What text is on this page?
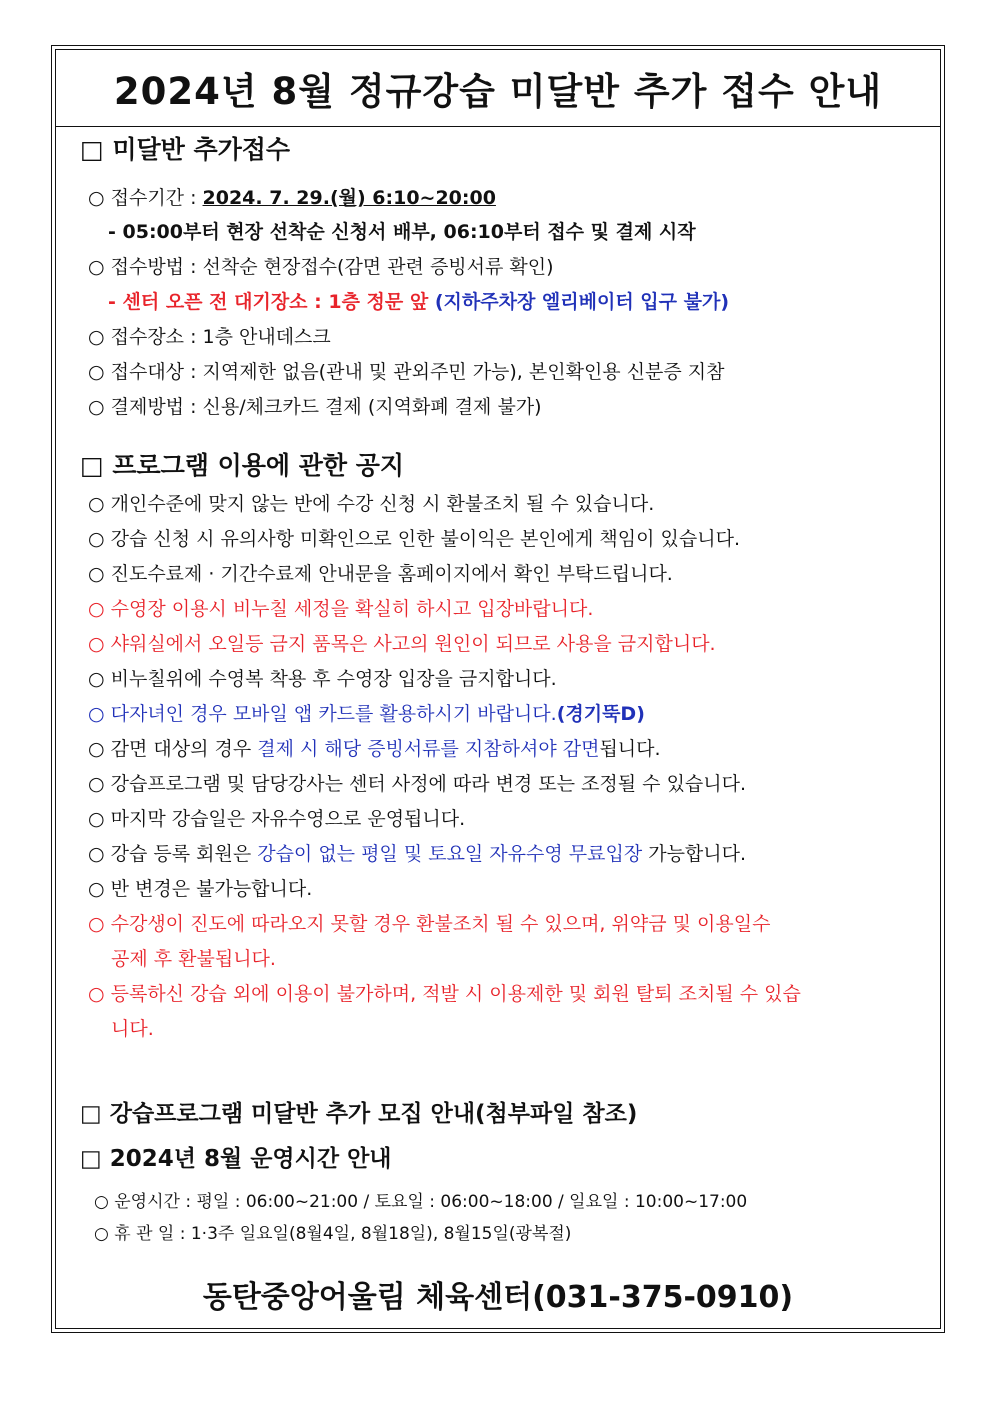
2024년 8월 정규강습 미달반 추가 접수 안내
□ 미달반 추가접수
○ 접수기간 : 2024. 7. 29.(월) 6:10~20:00
- 05:00부터 현장 선착순 신청서 배부, 06:10부터 접수 및 결제 시작
○ 접수방법 : 선착순 현장접수(감면 관련 증빙서류 확인)
- 센터 오픈 전 대기장소 : 1층 정문 앞 (지하주차장 엘리베이터 입구 불가)
○ 접수장소 : 1층 안내데스크
○ 접수대상 : 지역제한 없음(관내 및 관외주민 가능), 본인확인용 신분증 지참
○ 결제방법 : 신용/체크카드 결제 (지역화폐 결제 불가)
□ 프로그램 이용에 관한 공지
○ 개인수준에 맞지 않는 반에 수강 신청 시 환불조치 될 수 있습니다.
○ 강습 신청 시 유의사항 미확인으로 인한 불이익은 본인에게 책임이 있습니다.
○ 진도수료제 · 기간수료제 안내문을 홈페이지에서 확인 부탁드립니다.
○ 수영장 이용시 비누칠 세정을 확실히 하시고 입장바랍니다.
○ 샤워실에서 오일등 금지 품목은 사고의 원인이 되므로 사용을 금지합니다.
○ 비누칠위에 수영복 착용 후 수영장 입장을 금지합니다.
○ 다자녀인 경우 모바일 앱 카드를 활용하시기 바랍니다.(경기뚝D)
○ 감면 대상의 경우 결제 시 해당 증빙서류를 지참하셔야 감면됩니다.
○ 강습프로그램 및 담당강사는 센터 사정에 따라 변경 또는 조정될 수 있습니다.
○ 마지막 강습일은 자유수영으로 운영됩니다.
○ 강습 등록 회원은 강습이 없는 평일 및 토요일 자유수영 무료입장 가능합니다.
○ 반 변경은 불가능합니다.
○ 수강생이 진도에 따라오지 못할 경우 환불조치 될 수 있으며, 위약금 및 이용일수
공제 후 환불됩니다.
○ 등록하신 강습 외에 이용이 불가하며, 적발 시 이용제한 및 회원 탈퇴 조치될 수 있습
니다.
□ 강습프로그램 미달반 추가 모집 안내(첨부파일 참조)
□ 2024년 8월 운영시간 안내
○ 운영시간 : 평일 : 06:00~21:00 / 토요일 : 06:00~18:00 / 일요일 : 10:00~17:00
○ 휴 관 일 : 1·3주 일요일(8월4일, 8월18일), 8월15일(광복절)
동탄중앙어울림 체육센터(031-375-0910)
